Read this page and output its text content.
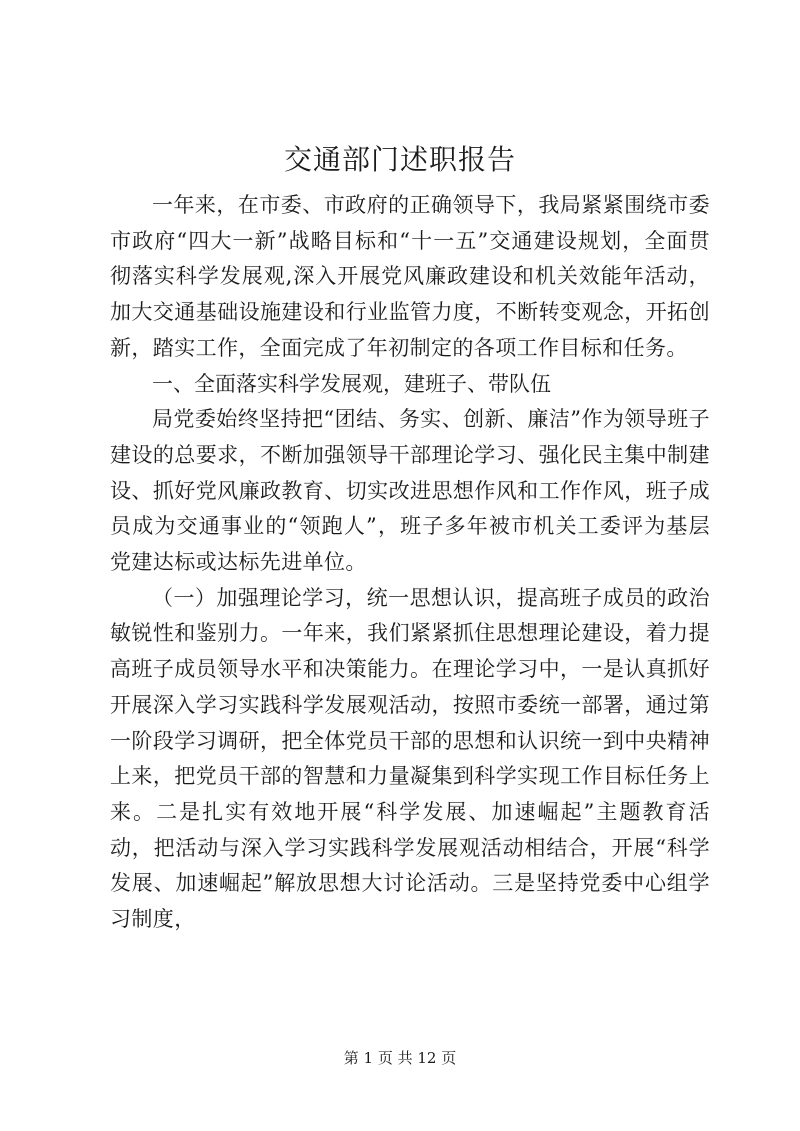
交通部门述职报告

一年来，在市委、市政府的正确领导下，我局紧紧围绕市委市政府“四大一新”战略目标和“十一五”交通建设规划，全面贯彻落实科学发展观,深入开展党风廉政建设和机关效能年活动，加大交通基础设施建设和行业监管力度，不断转变观念，开拓创新，踏实工作，全面完成了年初制定的各项工作目标和任务。

一、全面落实科学发展观，建班子、带队伍

局党委始终坚持把“团结、务实、创新、廉洁”作为领导班子建设的总要求，不断加强领导干部理论学习、强化民主集中制建设、抓好党风廉政教育、切实改进思想作风和工作作风，班子成员成为交通事业的“领跑人”，班子多年被市机关工委评为基层党建达标或达标先进单位。

（一）加强理论学习，统一思想认识，提高班子成员的政治敏锐性和鉴别力。一年来，我们紧紧抓住思想理论建设，着力提高班子成员领导水平和决策能力。在理论学习中，一是认真抓好开展深入学习实践科学发展观活动，按照市委统一部署，通过第一阶段学习调研，把全体党员干部的思想和认识统一到中央精神上来，把党员干部的智慧和力量凝集到科学实现工作目标任务上来。二是扎实有效地开展“科学发展、加速崛起”主题教育活动，把活动与深入学习实践科学发展观活动相结合，开展“科学发展、加速崛起”解放思想大讨论活动。三是坚持党委中心组学习制度，

第 1 页 共 12 页
